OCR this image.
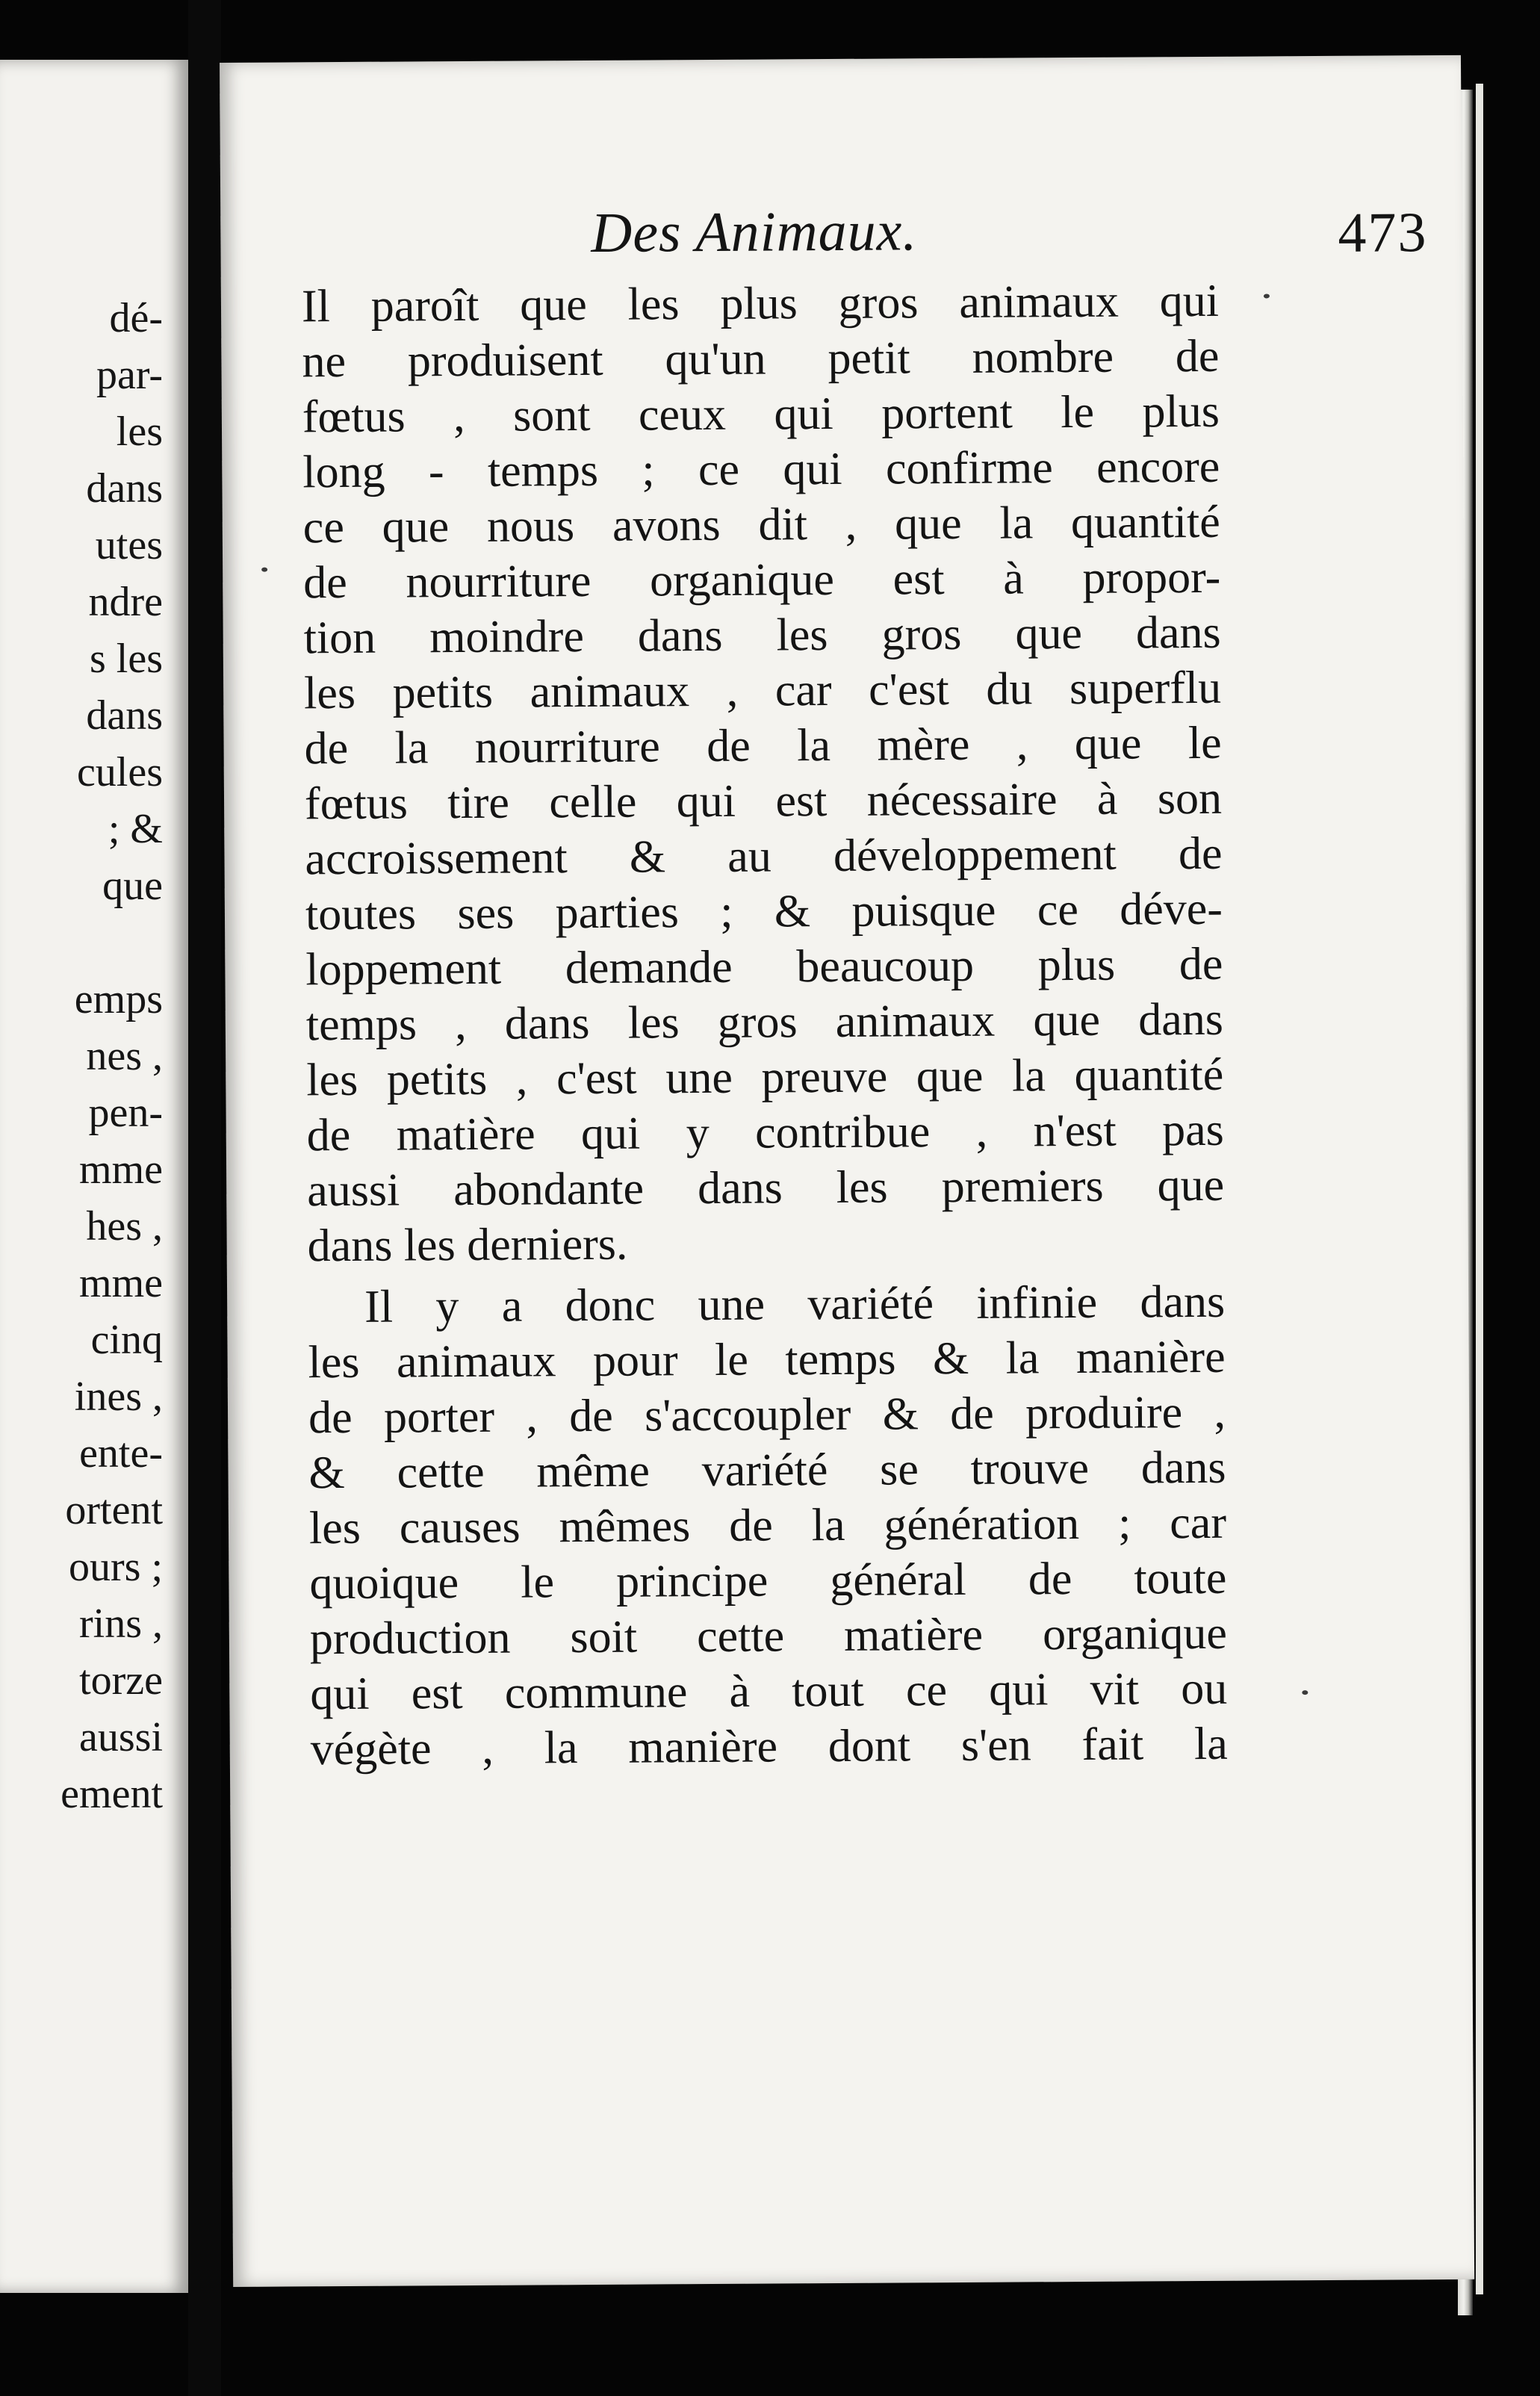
dé-
par-
les
dans
utes
ndre
s les
dans
cules
; &
que
emps
nes ,
pen-
mme
hes ,
mme
cinq
ines ,
ente-
ortent
ours ;
rins ,
torze
aussi
ement
Des Animaux.	473
Il paroît que les plus gros animaux qui
ne produisent qu'un petit nombre de
fœtus , sont ceux qui portent le plus
long - temps ; ce qui confirme encore
ce que nous avons dit , que la quantité
de nourriture organique est à propor-
tion moindre dans les gros que dans
les petits animaux , car c'est du superflu
de la nourriture de la mère , que le
fœtus tire celle qui est nécessaire à son
accroissement & au développement de
toutes ses parties ; & puisque ce déve-
loppement demande beaucoup plus de
temps , dans les gros animaux que dans
les petits , c'est une preuve que la quantité
de matière qui y contribue , n'est pas
aussi abondante dans les premiers que
dans les derniers.
Il y a donc une variété infinie dans
les animaux pour le temps & la manière
de porter , de s'accoupler & de produire ,
& cette même variété se trouve dans
les causes mêmes de la génération ; car
quoique le principe général de toute
production soit cette matière organique
qui est commune à tout ce qui vit ou
végète , la manière dont s'en fait la
